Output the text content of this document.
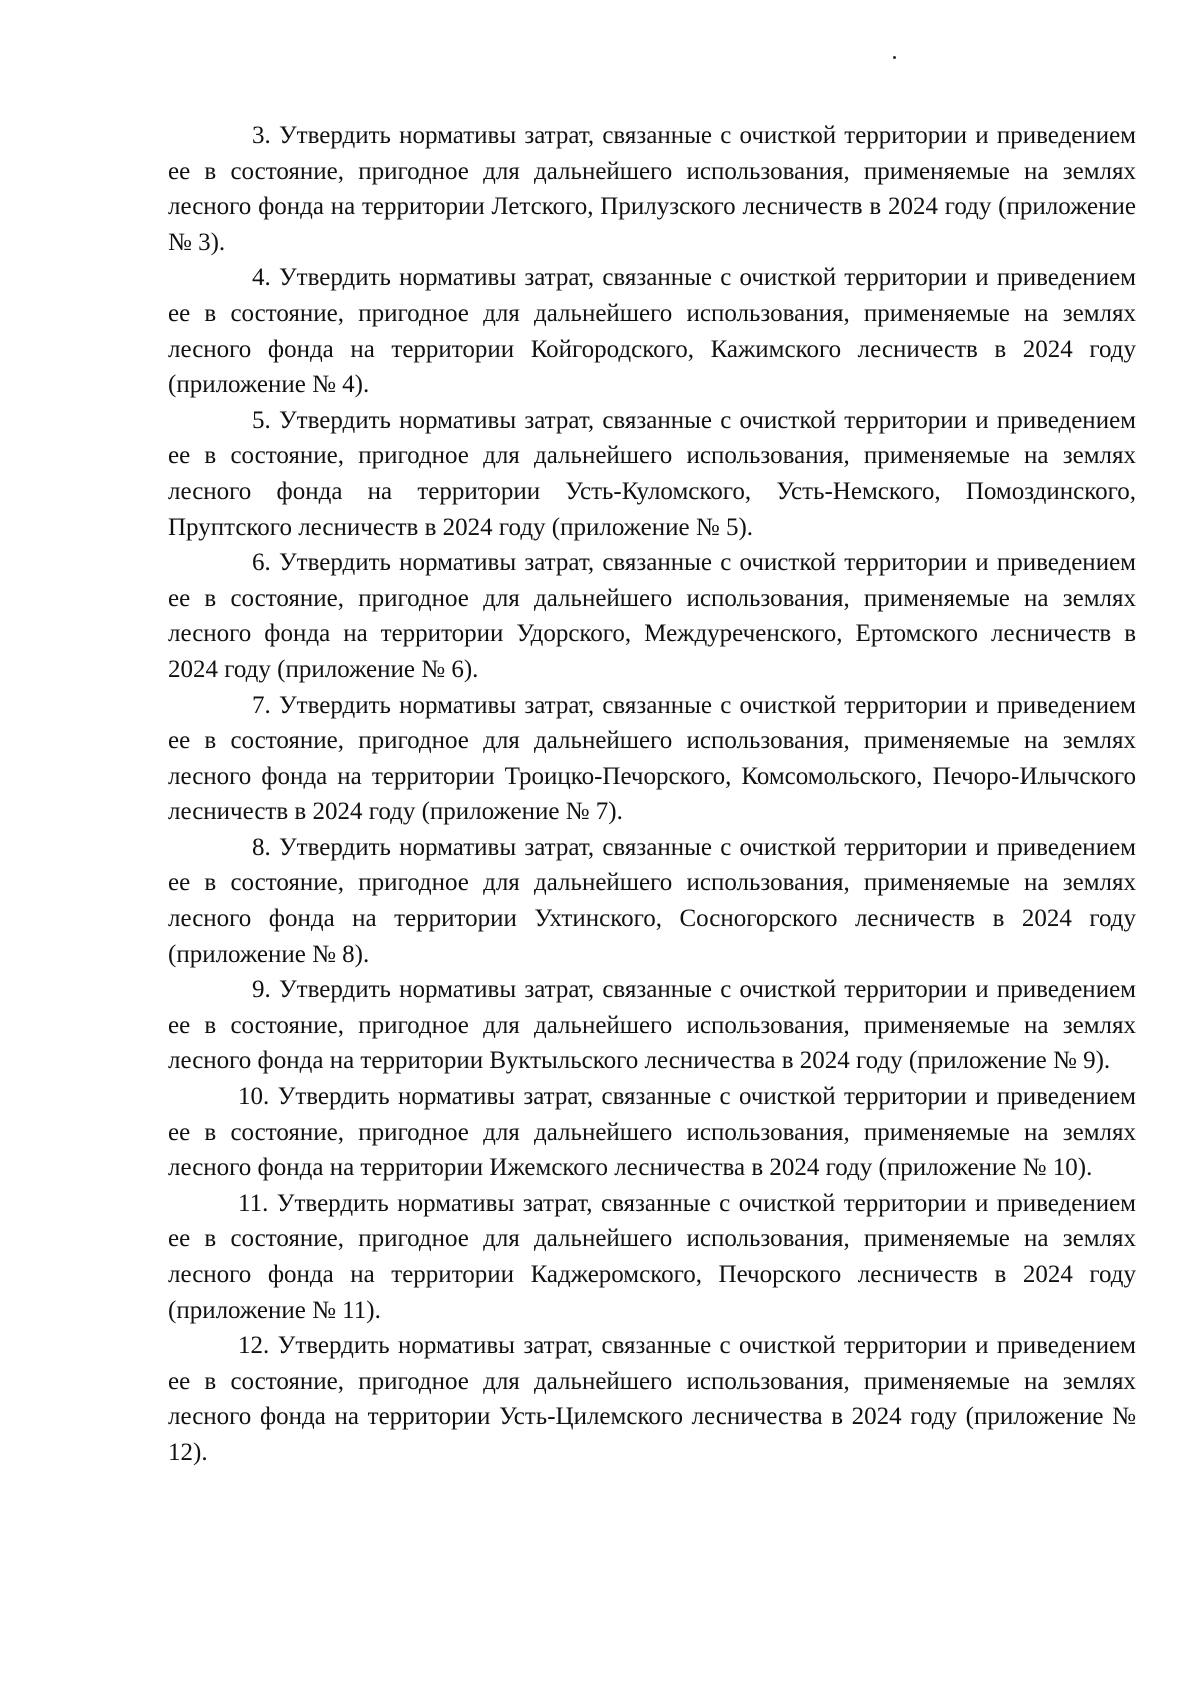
3. Утвердить нормативы затрат, связанные с очисткой территории и приведением ее в состояние, пригодное для дальнейшего использования, применяемые на землях лесного фонда на территории Летского, Прилузского лесничеств в 2024 году (приложение № 3).

4. Утвердить нормативы затрат, связанные с очисткой территории и приведением ее в состояние, пригодное для дальнейшего использования, применяемые на землях лесного фонда на территории Койгородского, Кажимского лесничеств в 2024 году (приложение № 4).

5. Утвердить нормативы затрат, связанные с очисткой территории и приведением ее в состояние, пригодное для дальнейшего использования, применяемые на землях лесного фонда на территории Усть-Куломского, Усть-Немского, Помоздинского, Пруптского лесничеств в 2024 году (приложение № 5).

6. Утвердить нормативы затрат, связанные с очисткой территории и приведением ее в состояние, пригодное для дальнейшего использования, применяемые на землях лесного фонда на территории Удорского, Междуреченского, Ертомского лесничеств в 2024 году (приложение № 6).

7. Утвердить нормативы затрат, связанные с очисткой территории и приведением ее в состояние, пригодное для дальнейшего использования, применяемые на землях лесного фонда на территории Троицко-Печорского, Комсомольского, Печоро-Илычского лесничеств в 2024 году (приложение № 7).

8. Утвердить нормативы затрат, связанные с очисткой территории и приведением ее в состояние, пригодное для дальнейшего использования, применяемые на землях лесного фонда на территории Ухтинского, Сосногорского лесничеств в 2024 году (приложение № 8).

9. Утвердить нормативы затрат, связанные с очисткой территории и приведением ее в состояние, пригодное для дальнейшего использования, применяемые на землях лесного фонда на территории Вуктыльского лесничества в 2024 году (приложение № 9).

10. Утвердить нормативы затрат, связанные с очисткой территории и приведением ее в состояние, пригодное для дальнейшего использования, применяемые на землях лесного фонда на территории Ижемского лесничества в 2024 году (приложение № 10).

11. Утвердить нормативы затрат, связанные с очисткой территории и приведением ее в состояние, пригодное для дальнейшего использования, применяемые на землях лесного фонда на территории Каджеромского, Печорского лесничеств в 2024 году (приложение № 11).

12. Утвердить нормативы затрат, связанные с очисткой территории и приведением ее в состояние, пригодное для дальнейшего использования, применяемые на землях лесного фонда на территории Усть-Цилемского лесничества в 2024 году (приложение № 12).
